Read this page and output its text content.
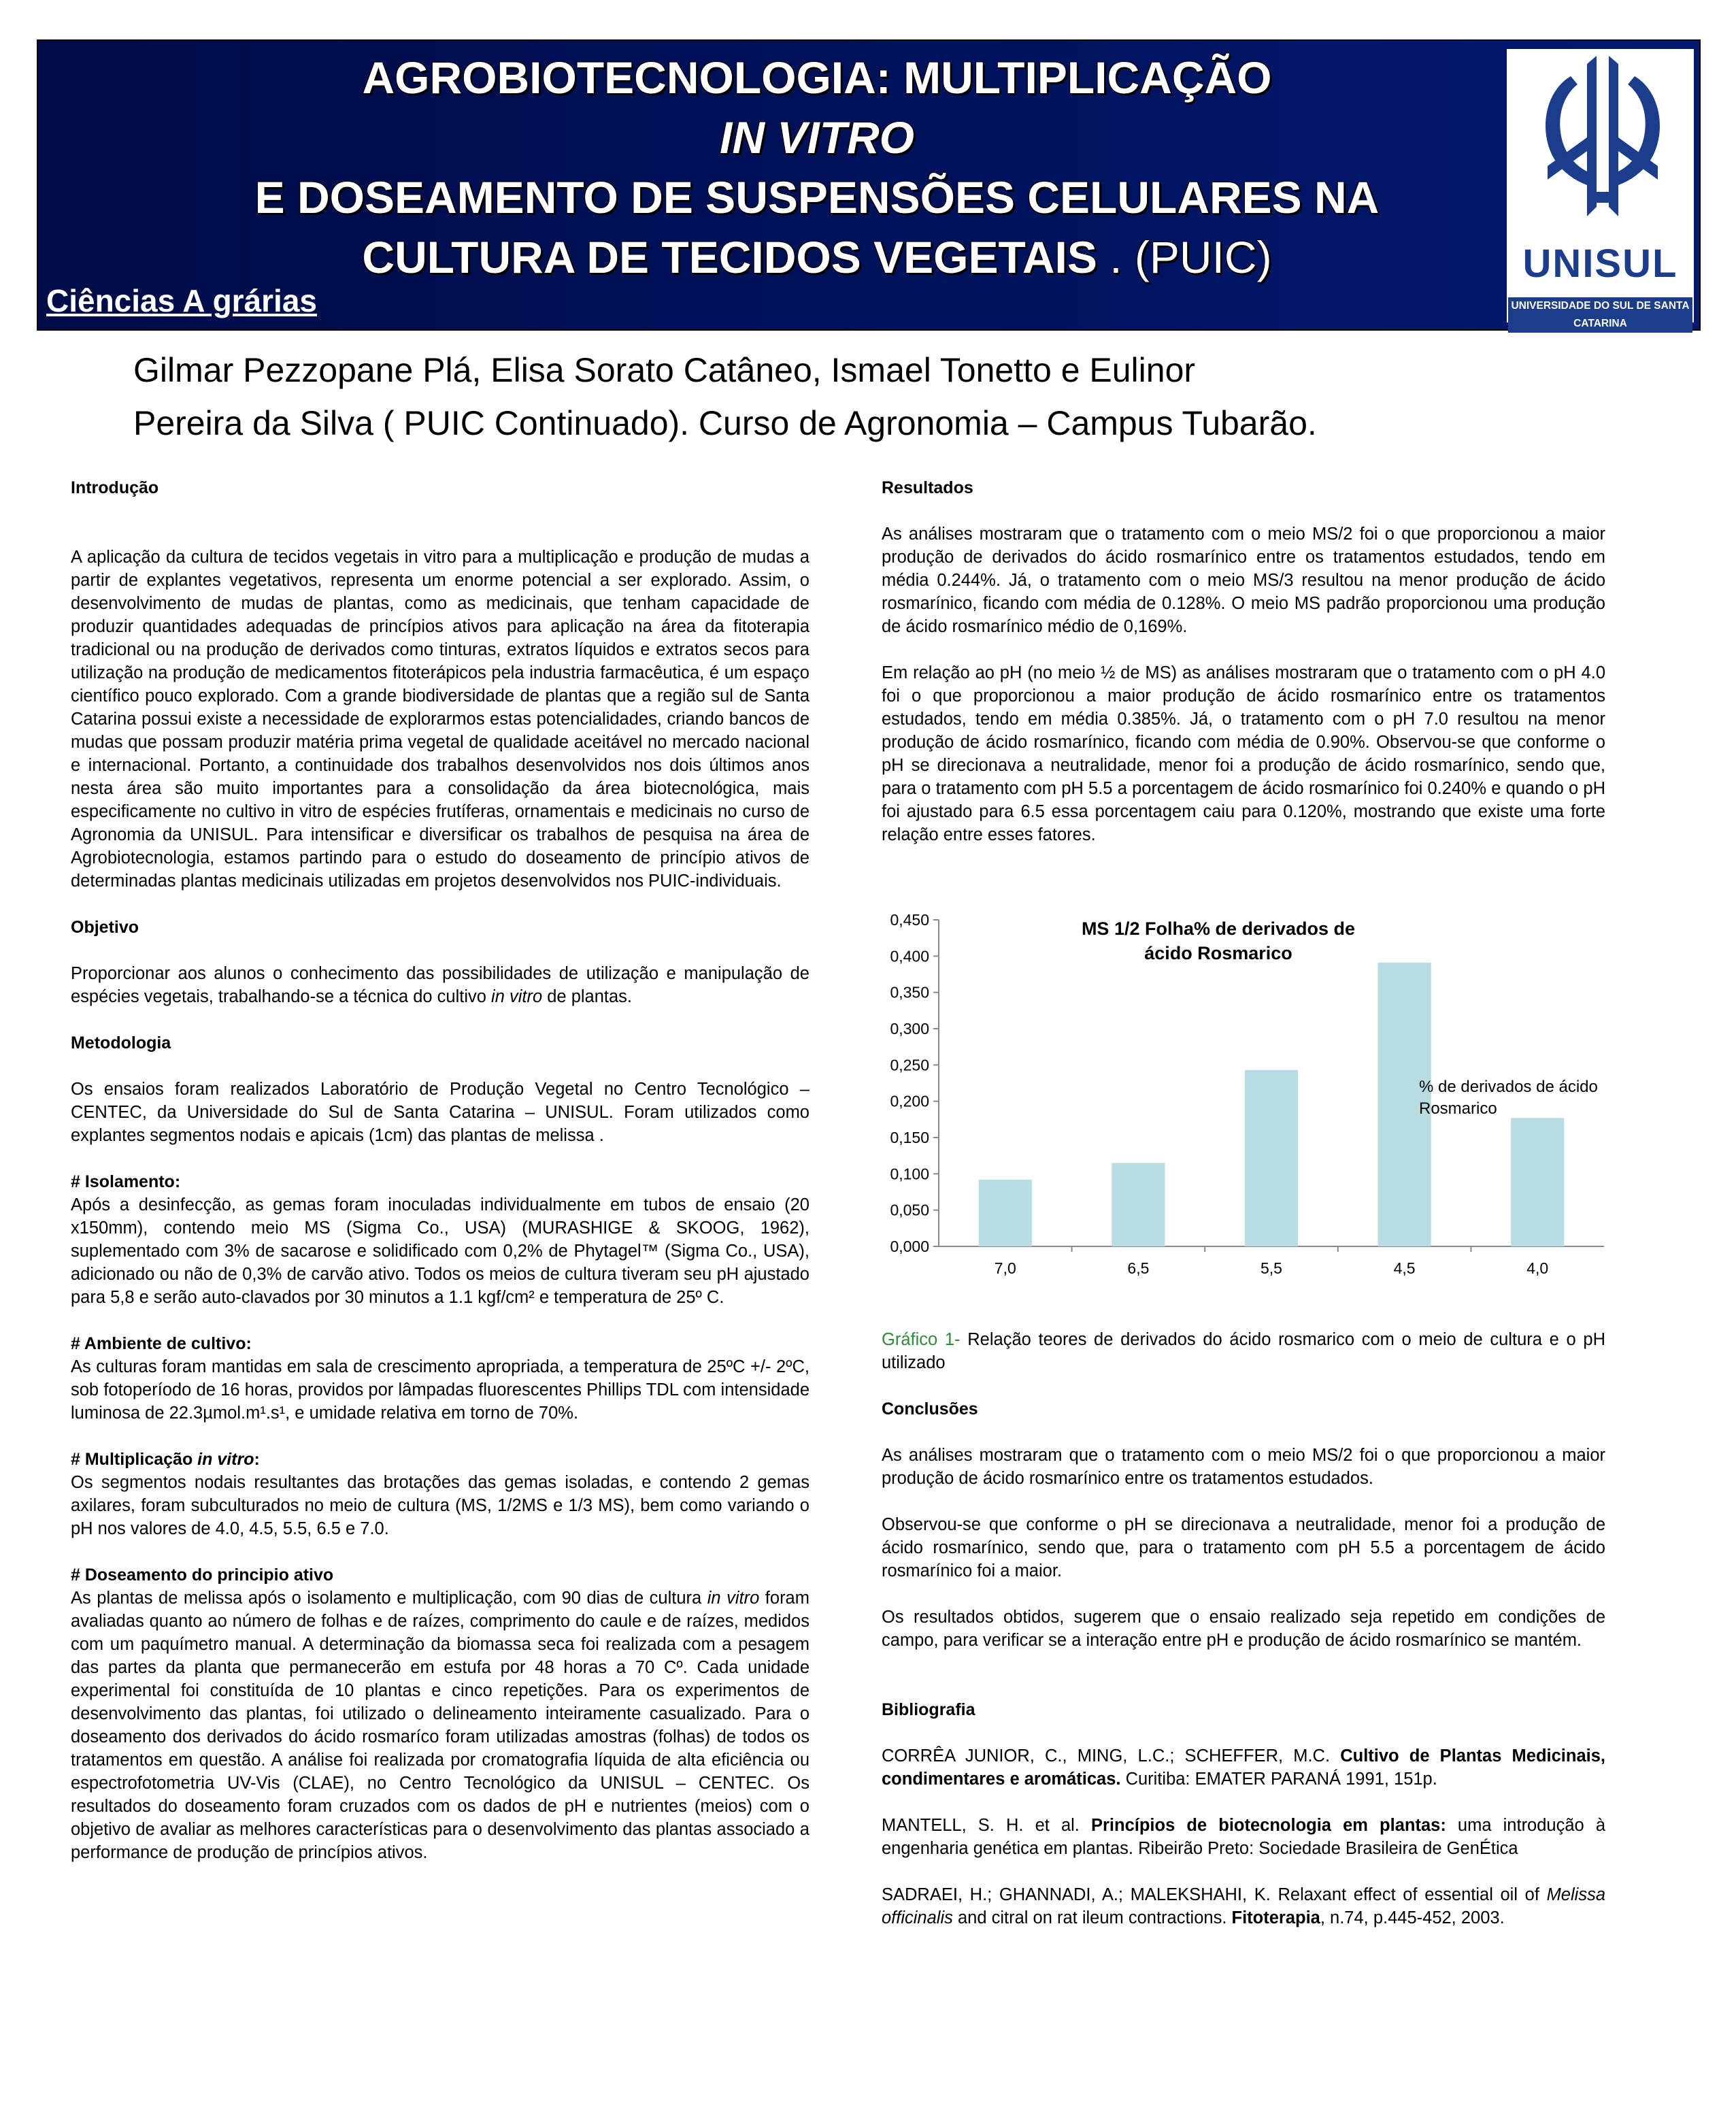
AGROBIOTECNOLOGIA: MULTIPLICAÇÃO
IN VITRO
E DOSEAMENTO DE SUSPENSÕES CELULARES NA
CULTURA DE TECIDOS VEGETAIS . (PUIC)
Ciências A grárias
UNISUL
UNIVERSIDADE DO SUL DE SANTA CATARINA
Gilmar Pezzopane Plá, Elisa Sorato Catâneo, Ismael Tonetto e Eulinor
Pereira da Silva ( PUIC Continuado). Curso de Agronomia – Campus Tubarão.
Introdução

A aplicação da cultura de tecidos vegetais in vitro para a multiplicação e produção de mudas a partir de explantes vegetativos, representa um enorme potencial a ser explorado. Assim, o desenvolvimento de mudas de plantas, como as medicinais, que tenham capacidade de produzir quantidades adequadas de princípios ativos para aplicação na área da fitoterapia tradicional ou na produção de derivados como tinturas, extratos líquidos e extratos secos para utilização na produção de medicamentos fitoterápicos pela industria farmacêutica, é um espaço científico pouco explorado. Com a grande biodiversidade de plantas que a região sul de Santa Catarina possui existe a necessidade de explorarmos estas potencialidades, criando bancos de mudas que possam produzir matéria prima vegetal de qualidade aceitável no mercado nacional e internacional. Portanto, a continuidade dos trabalhos desenvolvidos nos dois últimos anos nesta área são muito importantes para a consolidação da área biotecnológica, mais especificamente no cultivo in vitro de espécies frutíferas, ornamentais e medicinais no curso de Agronomia da UNISUL. Para intensificar e diversificar os trabalhos de pesquisa na área de Agrobiotecnologia, estamos partindo para o estudo do doseamento de princípio ativos de determinadas plantas medicinais utilizadas em projetos desenvolvidos nos PUIC-individuais.

Objetivo

Proporcionar aos alunos o conhecimento das possibilidades de utilização e manipulação de espécies vegetais, trabalhando-se a técnica do cultivo in vitro de plantas.

Metodologia

Os ensaios foram realizados Laboratório de Produção Vegetal no Centro Tecnológico – CENTEC, da Universidade do Sul de Santa Catarina – UNISUL. Foram utilizados como explantes segmentos nodais e apicais (1cm) das plantas de melissa .

# Isolamento:

Após a desinfecção, as gemas foram inoculadas individualmente em tubos de ensaio (20 x150mm), contendo meio MS (Sigma Co., USA) (MURASHIGE & SKOOG, 1962), suplementado com 3% de sacarose e solidificado com 0,2% de Phytagel™ (Sigma Co., USA), adicionado ou não de 0,3% de carvão ativo. Todos os meios de cultura tiveram seu pH ajustado para 5,8 e serão auto-clavados por 30 minutos a 1.1 kgf/cm² e temperatura de 25º C.

# Ambiente de cultivo:

As culturas foram mantidas em sala de crescimento apropriada, a temperatura de 25ºC +/- 2ºC, sob fotoperíodo de 16 horas, providos por lâmpadas fluorescentes Phillips TDL com intensidade luminosa de 22.3µmol.m¹.s¹, e umidade relativa em torno de 70%.

# Multiplicação in vitro:

Os segmentos nodais resultantes das brotações das gemas isoladas, e contendo 2 gemas axilares, foram subculturados no meio de cultura (MS, 1/2MS e 1/3 MS), bem como variando o pH nos valores de 4.0, 4.5, 5.5, 6.5 e 7.0.

# Doseamento do principio ativo

As plantas de melissa após o isolamento e multiplicação, com 90 dias de cultura in vitro foram avaliadas quanto ao número de folhas e de raízes, comprimento do caule e de raízes, medidos com um paquímetro manual. A determinação da biomassa seca foi realizada com a pesagem das partes da planta que permanecerão em estufa por 48 horas a 70 Cº. Cada unidade experimental foi constituída de 10 plantas e cinco repetições. Para os experimentos de desenvolvimento das plantas, foi utilizado o delineamento inteiramente casualizado. Para o doseamento dos derivados do ácido rosmaríco foram utilizadas amostras (folhas) de todos os tratamentos em questão. A análise foi realizada por cromatografia líquida de alta eficiência ou espectrofotometria UV-Vis (CLAE), no Centro Tecnológico da UNISUL – CENTEC. Os resultados do doseamento foram cruzados com os dados de pH e nutrientes (meios) com o objetivo de avaliar as melhores características para o desenvolvimento das plantas associado a performance de produção de princípios ativos.

Resultados

As análises mostraram que o tratamento com o meio MS/2 foi o que proporcionou a maior produção de derivados do ácido rosmarínico entre os tratamentos estudados, tendo em média 0.244%. Já, o tratamento com o meio MS/3 resultou na menor produção de ácido rosmarínico, ficando com média de 0.128%. O meio MS padrão proporcionou uma produção de ácido rosmarínico médio de 0,169%.

Em relação ao pH (no meio ½ de MS) as análises mostraram que o tratamento com o pH 4.0 foi o que proporcionou a maior produção de ácido rosmarínico entre os tratamentos estudados, tendo em média 0.385%. Já, o tratamento com o pH 7.0 resultou na menor produção de ácido rosmarínico, ficando com média de 0.90%. Observou-se que conforme o pH se direcionava a neutralidade, menor foi a produção de ácido rosmarínico, sendo que, para o tratamento com pH 5.5 a porcentagem de ácido rosmarínico foi 0.240% e quando o pH foi ajustado para 6.5 essa porcentagem caiu para 0.120%, mostrando que existe uma forte relação entre esses fatores.

0,000
0,050
0,100
0,150
0,200
0,250
0,300
0,350
0,400
0,450
7,0	6,5	5,5	4,5	4,0
MS 1/2 Folha% de derivados de ácido Rosmarico
% de derivados de ácido Rosmarico

Gráfico 1- Relação teores de derivados do ácido rosmarico com o meio de cultura e o pH utilizado

Conclusões

As análises mostraram que o tratamento com o meio MS/2 foi o que proporcionou a maior produção de ácido rosmarínico entre os tratamentos estudados.

Observou-se que conforme o pH se direcionava a neutralidade, menor foi a produção de ácido rosmarínico, sendo que, para o tratamento com pH 5.5 a porcentagem de ácido rosmarínico foi a maior.

Os resultados obtidos, sugerem que o ensaio realizado seja repetido em condições de campo, para verificar se a interação entre pH e produção de ácido rosmarínico se mantém.

Bibliografia

CORRÊA JUNIOR, C., MING, L.C.; SCHEFFER, M.C. Cultivo de Plantas Medicinais, condimentares e aromáticas. Curitiba: EMATER PARANÁ 1991, 151p.

MANTELL, S. H. et al. Princípios de biotecnologia em plantas: uma introdução à engenharia genética em plantas. Ribeirão Preto: Sociedade Brasileira de GenÉtica

SADRAEI, H.; GHANNADI, A.; MALEKSHAHI, K. Relaxant effect of essential oil of Melissa officinalis and citral on rat ileum contractions. Fitoterapia, n.74, p.445-452, 2003.
